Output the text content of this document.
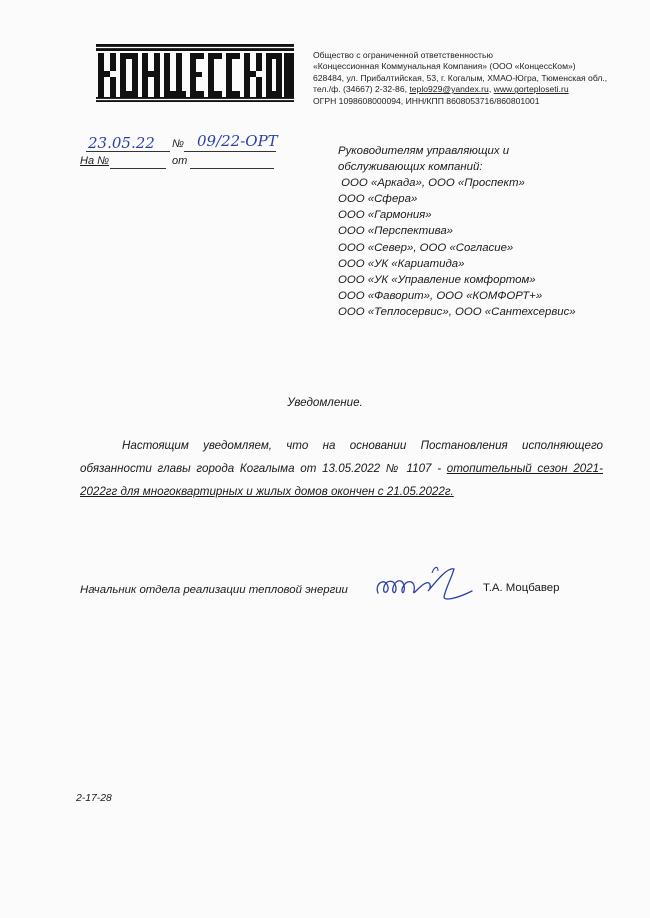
Общество с ограниченной ответственностью
«Концессионная Коммунальная Компания» (ООО «КонцессКом»)
628484, ул. Прибалтийская, 53, г. Когалым, ХМАО-Югра, Тюменская обл.,
тел./ф. (34667) 2-32-86, teplo929@yandex.ru, www.gorteploseti.ru
ОГРН 1098608000094, ИНН/КПП 8608053716/860801001
23.05.22 № 09/22-ОРТ
На №	от
Руководителям управляющих и
обслуживающих компаний:
ООО «Аркада», ООО «Проспект»
ООО «Сфера»
ООО «Гармония»
ООО «Перспектива»
ООО «Север», ООО «Согласие»
ООО «УК «Кариатида»
ООО «УК «Управление комфортом»
ООО «Фаворит», ООО «КОМФОРТ+»
ООО «Теплосервис», ООО «Сантехсервис»
Уведомление.
Настоящим уведомляем, что на основании Постановления исполняющего обязанности главы города Когалыма от 13.05.2022 № 1107 - отопительный сезон 2021-2022гг для многоквартирных и жилых домов окончен с 21.05.2022г.
Начальник отдела реализации тепловой энергии	Т.А. Моцбавер
2-17-28
